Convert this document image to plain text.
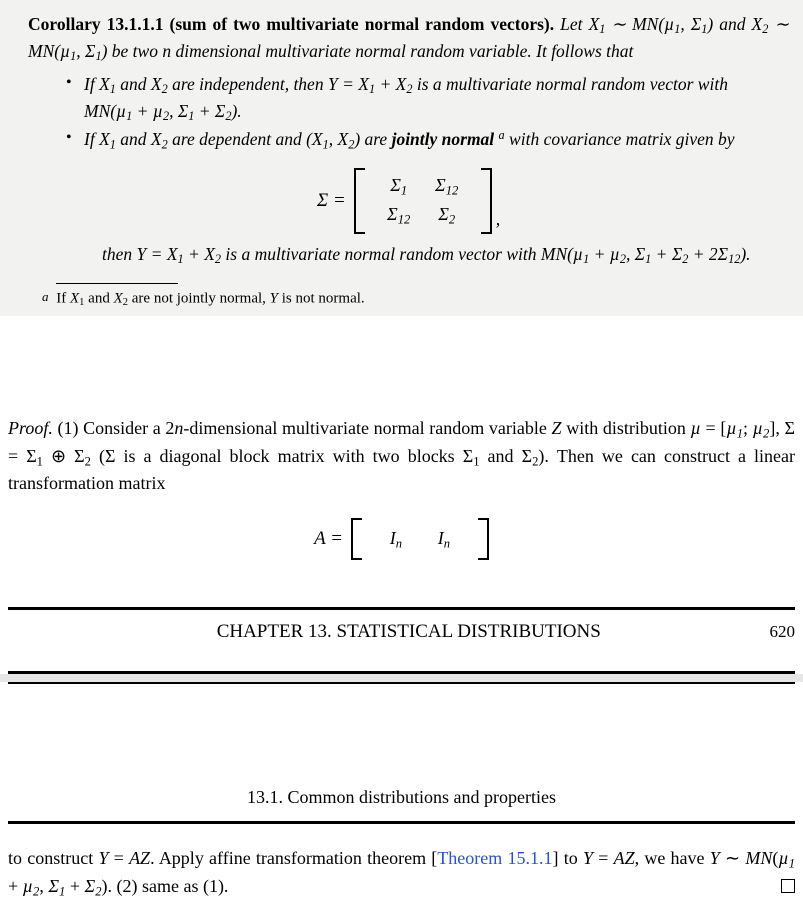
Corollary 13.1.1.1 (sum of two multivariate normal random vectors). Let $X_1$ ∼ MN(µ$_1$, $\Sigma_1$) and $X_2$ ∼ MN(µ$_1$, $\Sigma_1$) be two n dimensional multivariate normal random variable. It follows that
• If $X_1$ and $X_2$ are independent, then $Y = X_1 + X_2$ is a multivariate normal random vector with MN(µ$_1$ + µ$_2$, $\Sigma_1 + \Sigma_2$).
• If $X_1$ and $X_2$ are dependent and ($X_1$, $X_2$) are jointly normal $^a$ with covariance matrix given by
Σ =
$\Sigma_1$ $\Sigma_{12}$
$\Sigma_{12}$ $\Sigma_2$	,
then $Y = X_1 + X_2$ is a multivariate normal random vector with MN(µ$_1$ + µ$_2$, $\Sigma_1 + \Sigma_2 + 2\Sigma_{12}$).
a If $X_1$ and $X_2$ are not jointly normal, Y is not normal.
Proof. (1) Consider a 2n-dimensional multivariate normal random variable Z with distribution µ = [µ$_1$; µ$_2$], $\Sigma = \Sigma_1$ ⊕ $\Sigma_2$ (Σ is a diagonal block matrix with two blocks $\Sigma_1$ and $\Sigma_2$). Then we can construct a linear transformation matrix
A =	$I_n$ $I_n$
CHAPTER 13. STATISTICAL DISTRIBUTIONS	620
13.1. Common distributions and properties
to construct Y = AZ. Apply affine transformation theorem [Theorem 15.1.1] to Y = AZ, we have Y ∼ MN(µ$_1$ + µ$_2$, $\Sigma_1 + \Sigma_2$). (2) same as (1).
